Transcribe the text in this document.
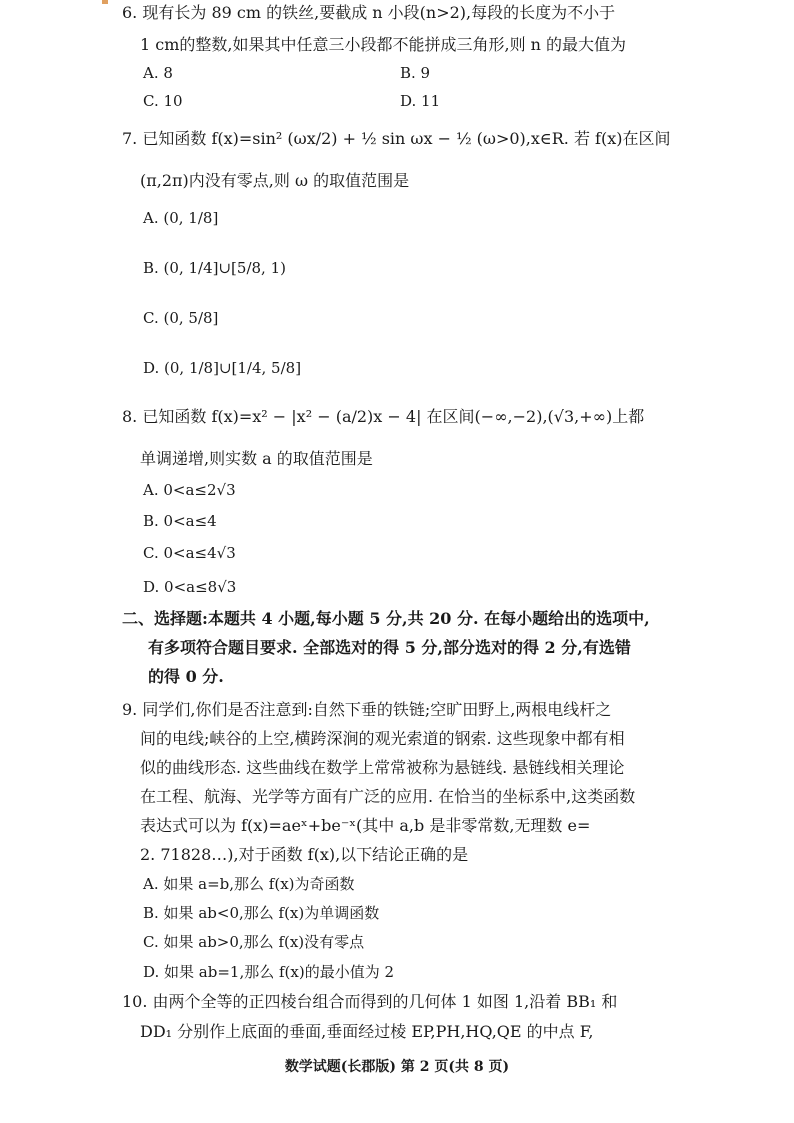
6. 现有长为 89 cm 的铁丝,要截成 n 小段(n>2),每段的长度为不小于
1 cm的整数,如果其中任意三小段都不能拼成三角形,则 n 的最大值为
A. 8	B. 9
C. 10	D. 11
7. 已知函数 f(x)=sin² (ωx/2) + ½ sin ωx − ½ (ω>0),x∈R. 若 f(x)在区间
(π,2π)内没有零点,则 ω 的取值范围是
A. (0, 1/8]
B. (0, 1/4]∪[5/8, 1)
C. (0, 5/8]
D. (0, 1/8]∪[1/4, 5/8]
8. 已知函数 f(x)=x² − |x² − (a/2)x − 4| 在区间(−∞,−2),(√3,+∞)上都
单调递增,则实数 a 的取值范围是
A. 0<a≤2√3
B. 0<a≤4
C. 0<a≤4√3
D. 0<a≤8√3
二、选择题:本题共 4 小题,每小题 5 分,共 20 分. 在每小题给出的选项中,
有多项符合题目要求. 全部选对的得 5 分,部分选对的得 2 分,有选错
的得 0 分.
9. 同学们,你们是否注意到:自然下垂的铁链;空旷田野上,两根电线杆之
间的电线;峡谷的上空,横跨深涧的观光索道的钢索. 这些现象中都有相
似的曲线形态. 这些曲线在数学上常常被称为悬链线. 悬链线相关理论
在工程、航海、光学等方面有广泛的应用. 在恰当的坐标系中,这类函数
表达式可以为 f(x)=aeˣ+be⁻ˣ(其中 a,b 是非零常数,无理数 e=
2. 71828…),对于函数 f(x),以下结论正确的是
A. 如果 a=b,那么 f(x)为奇函数
B. 如果 ab<0,那么 f(x)为单调函数
C. 如果 ab>0,那么 f(x)没有零点
D. 如果 ab=1,那么 f(x)的最小值为 2
10. 由两个全等的正四棱台组合而得到的几何体 1 如图 1,沿着 BB₁ 和
DD₁ 分别作上底面的垂面,垂面经过棱 EP,PH,HQ,QE 的中点 F,
数学试题(长郡版) 第 2 页(共 8 页)
